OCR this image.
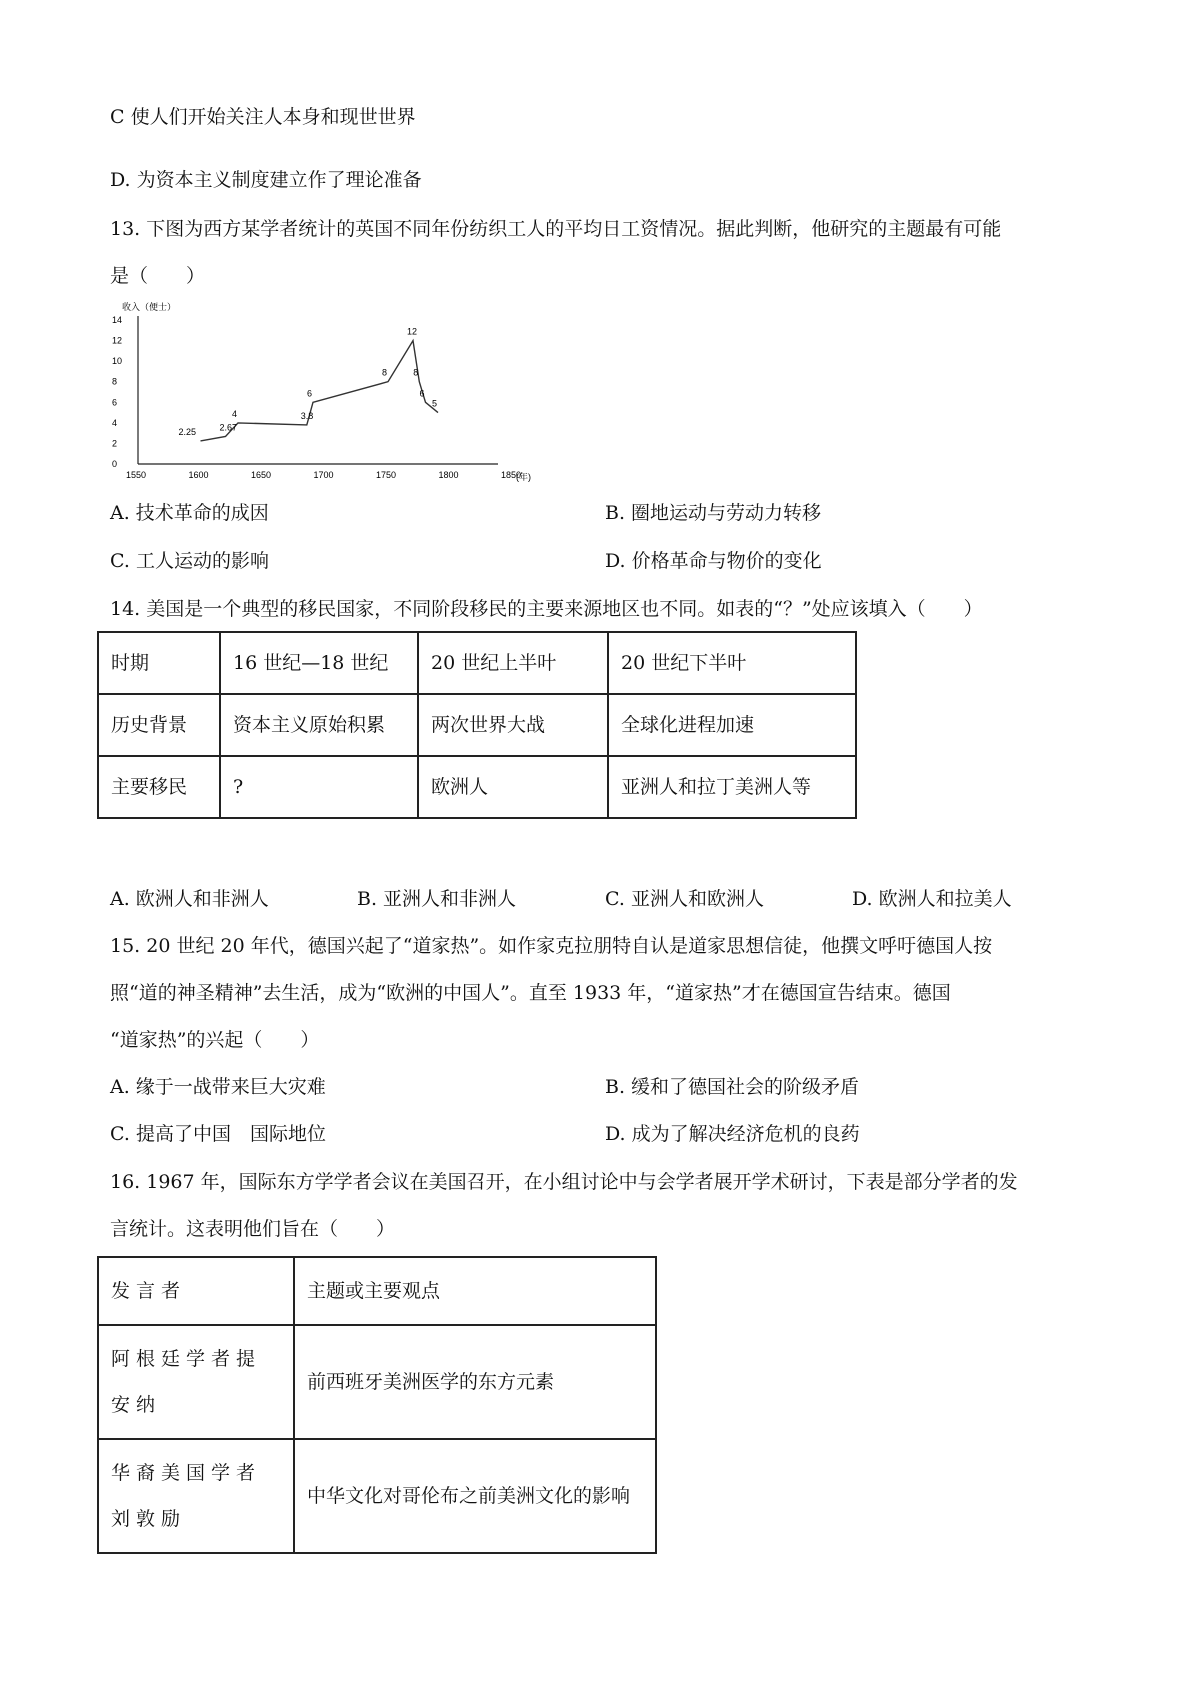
C 使人们开始关注人本身和现世世界
D. 为资本主义制度建立作了理论准备
13. 下图为西方某学者统计的英国不同年份纺织工人的平均日工资情况。据此判断，他研究的主题最有可能
是（　　）
0
2
4
6
8
10
12
14
1550	1600	1650	1700	1750	1800	1850
2.25	2.67
4	3.8
6
8
12
8
6
5
收入（便士）
(年)
A. 技术革命的成因	B. 圈地运动与劳动力转移
C. 工人运动的影响	D. 价格革命与物价的变化
14. 美国是一个典型的移民国家，不同阶段移民的主要来源地区也不同。如表的“？”处应该填入（　　）
时期	16 世纪—18 世纪	20 世纪上半叶	20 世纪下半叶
历史背景	资本主义原始积累	两次世界大战	全球化进程加速
主要移民	?	欧洲人	亚洲人和拉丁美洲人等
A. 欧洲人和非洲人	B. 亚洲人和非洲人	C. 亚洲人和欧洲人	D. 欧洲人和拉美人
15. 20 世纪 20 年代，德国兴起了“道家热”。如作家克拉朋特自认是道家思想信徒，他撰文呼吁德国人按
照“道的神圣精神”去生活，成为“欧洲的中国人”。直至 1933 年，“道家热”才在德国宣告结束。德国
“道家热”的兴起（　　）
A. 缘于一战带来巨大灾难	B. 缓和了德国社会的阶级矛盾
C. 提高了中国　国际地位	D. 成为了解决经济危机的良药
16. 1967 年，国际东方学学者会议在美国召开，在小组讨论中与会学者展开学术研讨，下表是部分学者的发
言统计。这表明他们旨在（　　）
发言者	主题或主要观点
阿根廷学者提安纳	前西班牙美洲医学的东方元素
华裔美国学者刘敦励	中华文化对哥伦布之前美洲文化的影响
